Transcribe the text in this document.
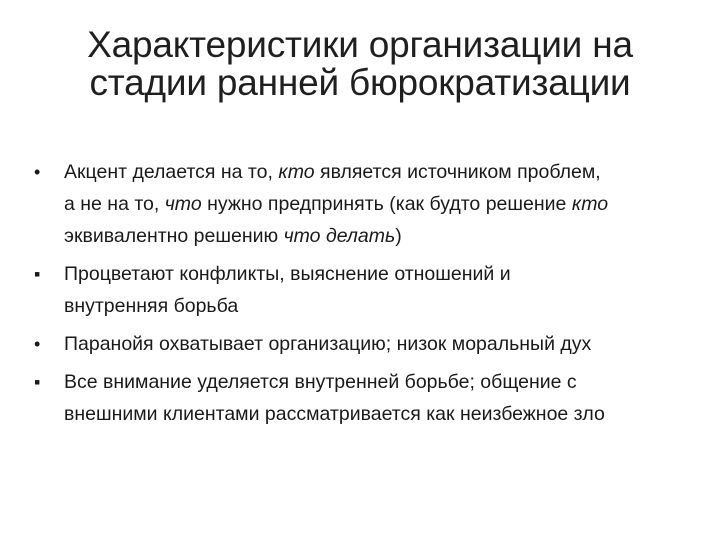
Характеристики организации на
стадии ранней бюрократизации
•	Акцент делается на то, кто является источником проблем,
а не на то, что нужно предпринять (как будто решение кто
эквивалентно решению что делать)
▪	Процветают конфликты, выяснение отношений и
внутренняя борьба
•	Паранойя охватывает организацию; низок моральный дух
▪	Все внимание уделяется внутренней борьбе; общение с
внешними клиентами рассматривается как неизбежное зло
